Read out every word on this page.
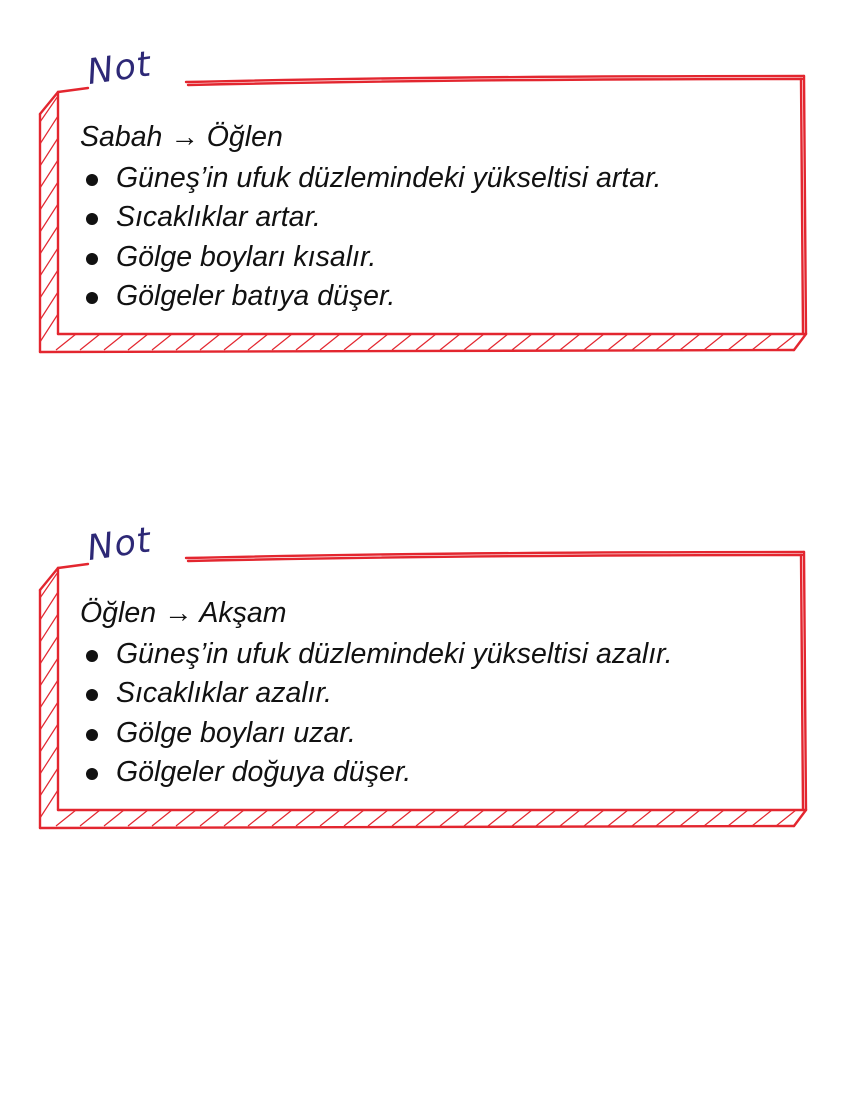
Not
Sabah → Öğlen
Güneş’in ufuk düzlemindeki yükseltisi artar.
Sıcaklıklar artar.
Gölge boyları kısalır.
Gölgeler batıya düşer.
Not
Öğlen → Akşam
Güneş’in ufuk düzlemindeki yükseltisi azalır.
Sıcaklıklar azalır.
Gölge boyları uzar.
Gölgeler doğuya düşer.
